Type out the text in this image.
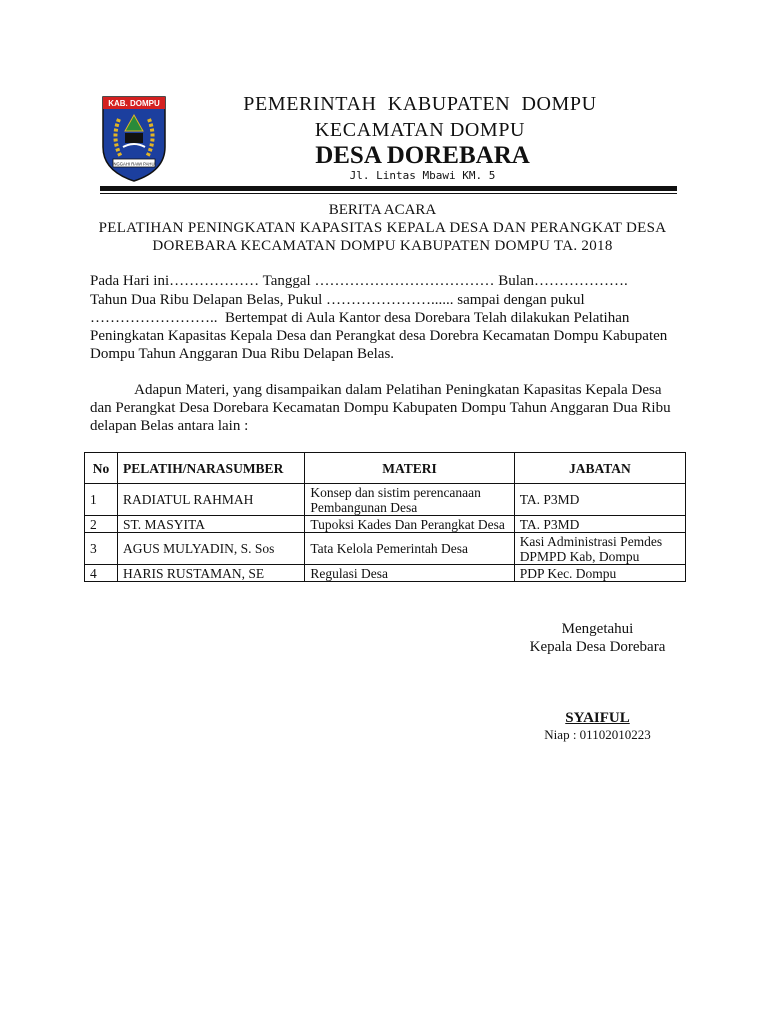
KAB. DOMPU
NGGAHI RAWI PAHU
PEMERINTAH  KABUPATEN  DOMPU
KECAMATAN DOMPU
DESA DOREBARA
Jl. Lintas Mbawi KM. 5
BERITA ACARA
PELATIHAN PENINGKATAN KAPASITAS KEPALA DESA DAN PERANGKAT DESA
DOREBARA KECAMATAN DOMPU KABUPATEN DOMPU TA. 2018
Pada Hari ini……………… Tanggal ……………………………… Bulan……………….
Tahun Dua Ribu Delapan Belas, Pukul …………………...... sampai dengan pukul
……………………..  Bertempat di Aula Kantor desa Dorebara Telah dilakukan Pelatihan
Peningkatan Kapasitas Kepala Desa dan Perangkat desa Dorebra Kecamatan Dompu Kabupaten
Dompu Tahun Anggaran Dua Ribu Delapan Belas.
Adapun Materi, yang disampaikan dalam Pelatihan Peningkatan Kapasitas Kepala Desa
dan Perangkat Desa Dorebara Kecamatan Dompu Kabupaten Dompu Tahun Anggaran Dua Ribu
delapan Belas antara lain :
No	PELATIH/NARASUMBER	MATERI	JABATAN
1	RADIATUL RAHMAH	Konsep dan sistim perencanaan Pembangunan Desa	TA. P3MD
2	ST. MASYITA	Tupoksi Kades Dan Perangkat Desa	TA. P3MD
3	AGUS MULYADIN, S. Sos	Tata Kelola Pemerintah Desa	Kasi Administrasi Pemdes DPMPD Kab, Dompu
4	HARIS RUSTAMAN, SE	Regulasi Desa	PDP Kec. Dompu
Mengetahui
Kepala Desa Dorebara
SYAIFUL
Niap : 01102010223
